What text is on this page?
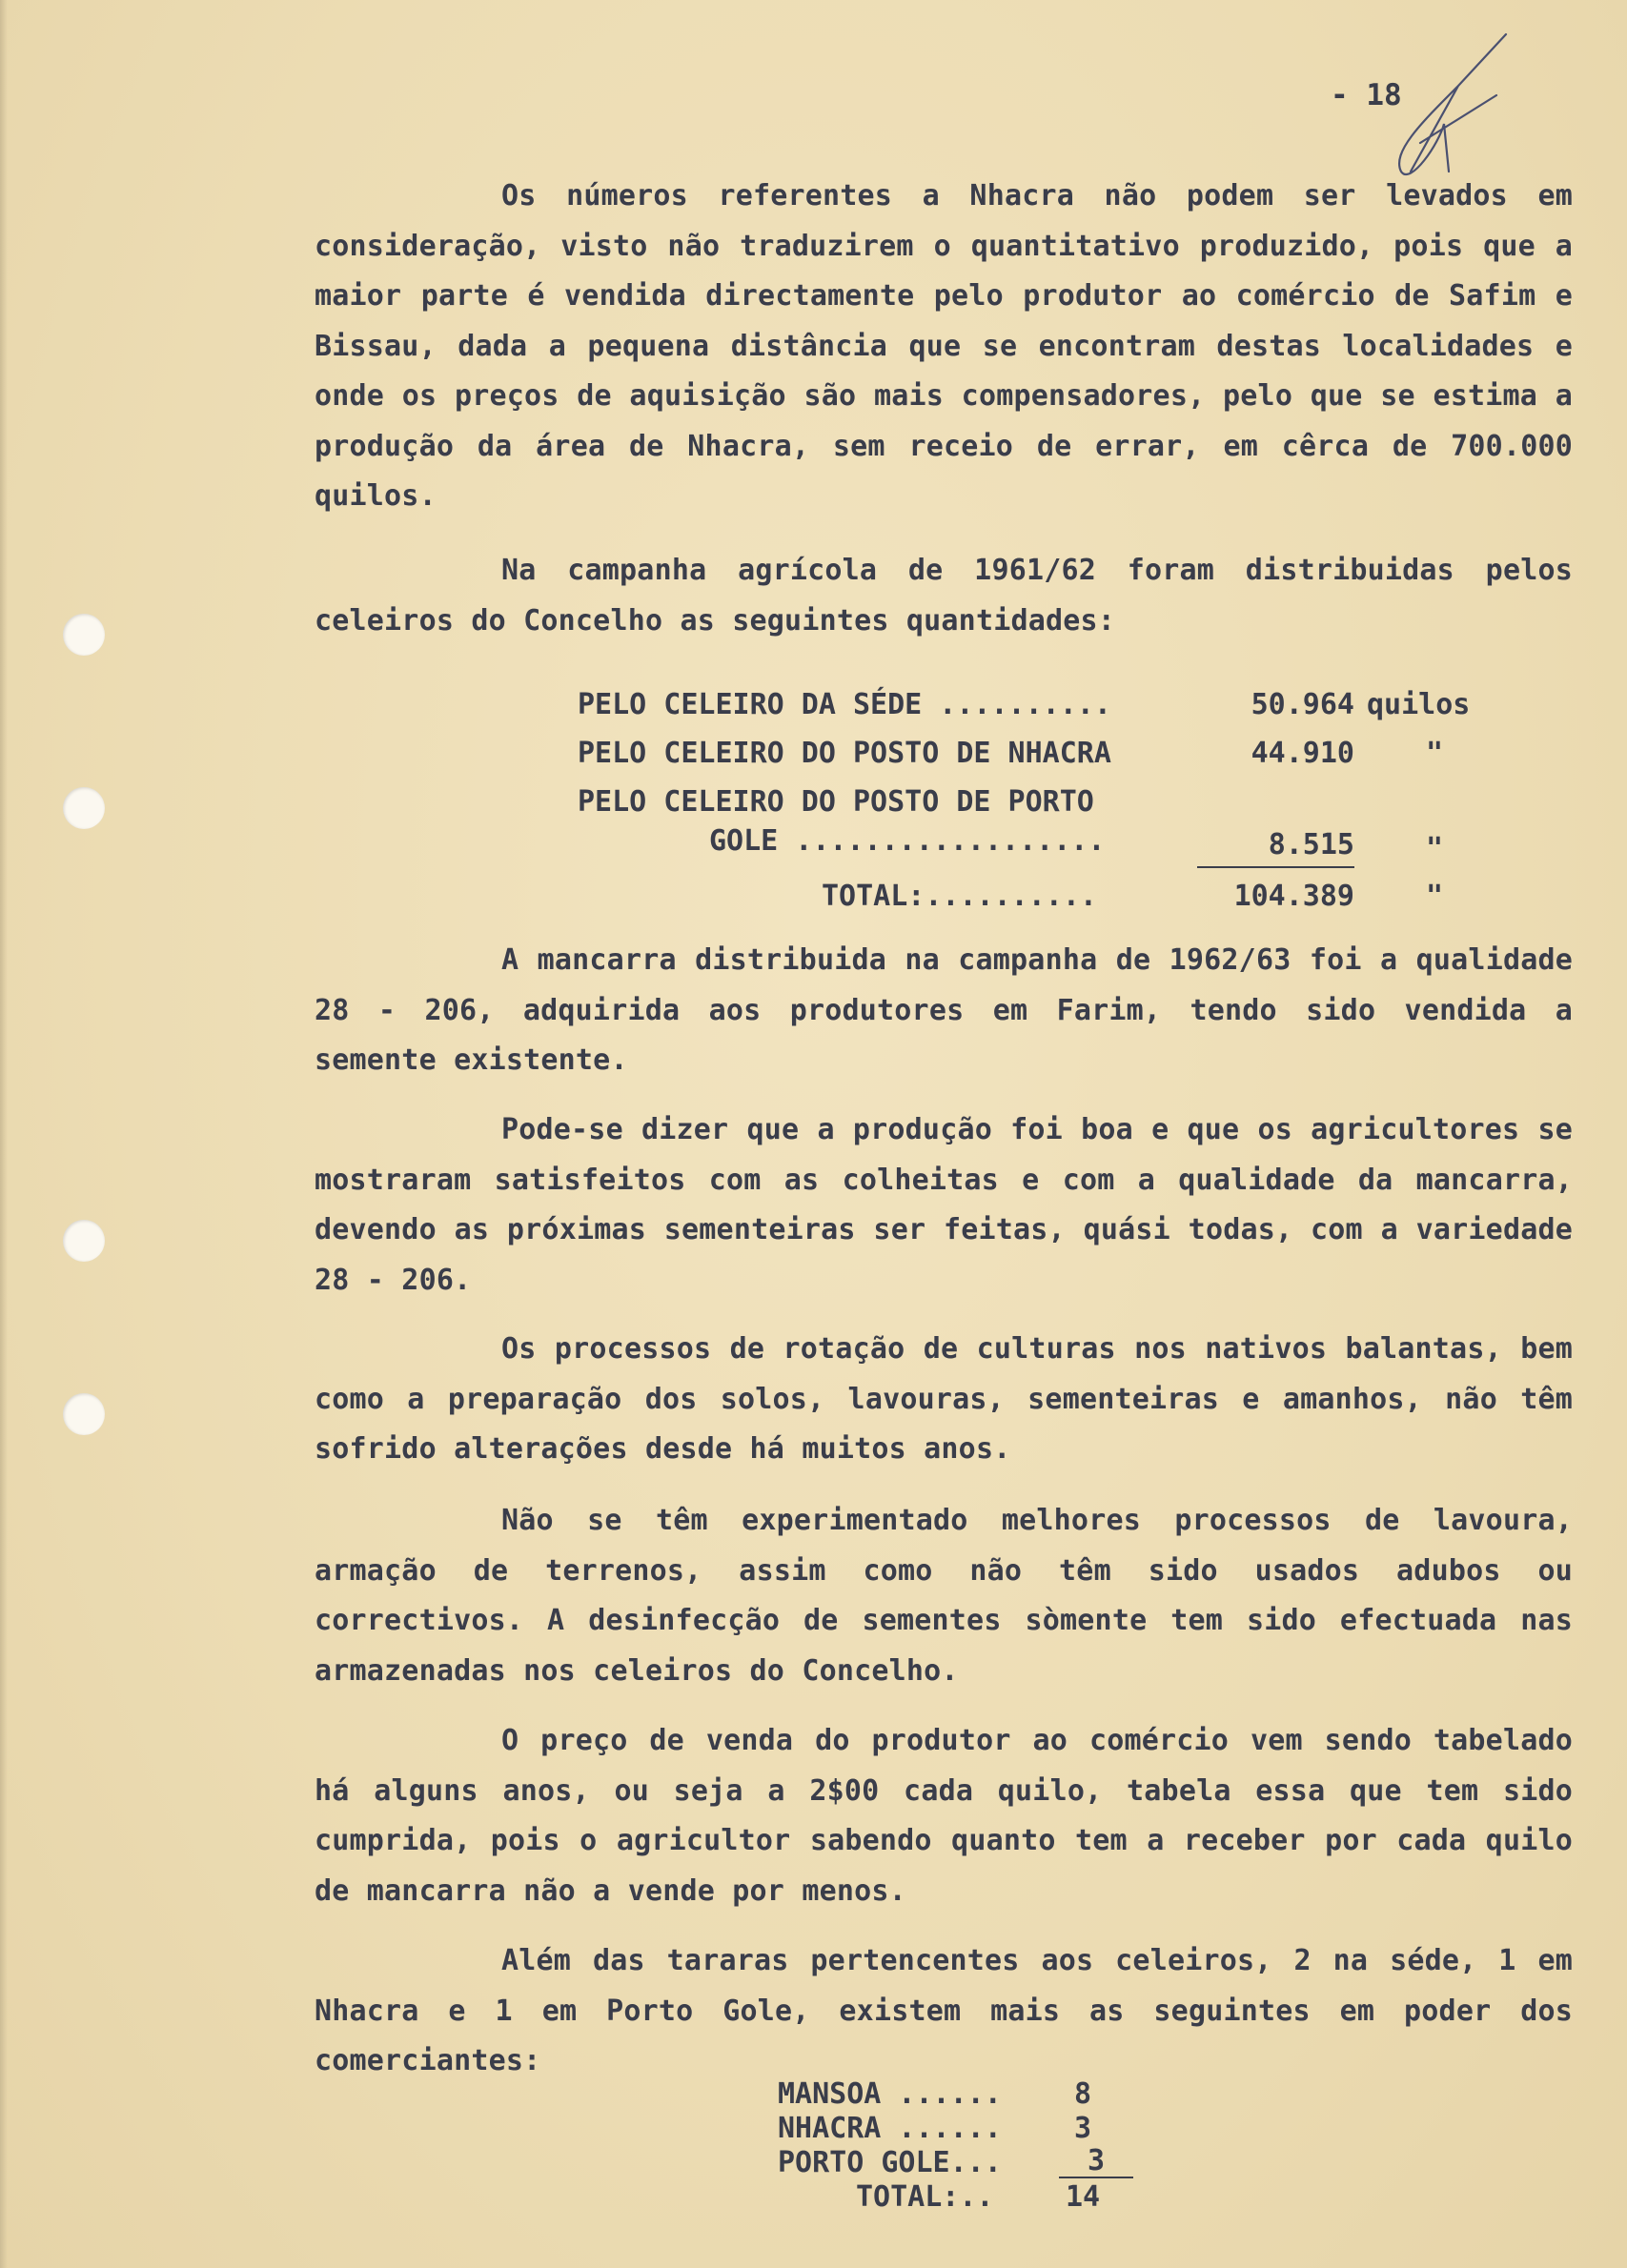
- 18

Os números referentes a Nhacra não podem ser levados em consideração, visto não traduzirem o quantitativo produzido, pois que a maior parte é vendida directamente pelo produtor ao comércio de Safim e Bissau, dada a pequena distância que se encontram destas localidades e onde os preços de aquisição são mais compensadores, pelo que se estima a produção da área de Nhacra, sem receio de errar, em cêrca de 700.000 quilos.

Na campanha agrícola de 1961/62 foram distribuidas pelos celeiros do Concelho as seguintes quantidades:

PELO CELEIRO DA SÉDE ..........	50.964 quilos
PELO CELEIRO DO POSTO DE NHACRA	44.910	"
PELO CELEIRO DO POSTO DE PORTO
GOLE ..................	8.515	"
TOTAL:..........	104.389	"

A mancarra distribuida na campanha de 1962/63 foi a qualidade 28 - 206, adquirida aos produtores em Farim, tendo sido vendida a semente existente.

Pode-se dizer que a produção foi boa e que os agricultores se mostraram satisfeitos com as colheitas e com a qualidade da mancarra, devendo as próximas sementeiras ser feitas, quási todas, com a variedade 28 - 206.

Os processos de rotação de culturas nos nativos balantas, bem como a preparação dos solos, lavouras, sementeiras e amanhos, não têm sofrido alterações desde há muitos anos.

Não se têm experimentado melhores processos de lavoura, armação de terrenos, assim como não têm sido usados adubos ou correctivos. A desinfecção de sementes sòmente tem sido efectuada nas armazenadas nos celeiros do Concelho.

O preço de venda do produtor ao comércio vem sendo tabelado há alguns anos, ou seja a 2$00 cada quilo, tabela essa que tem sido cumprida, pois o agricultor sabendo quanto tem a receber por cada quilo de mancarra não a vende por menos.

Além das tararas pertencentes aos celeiros, 2 na séde, 1 em Nhacra e 1 em Porto Gole, existem mais as seguintes em poder dos comerciantes:

MANSOA ......	8
NHACRA ......	3
PORTO GOLE...	3
TOTAL:..	14
